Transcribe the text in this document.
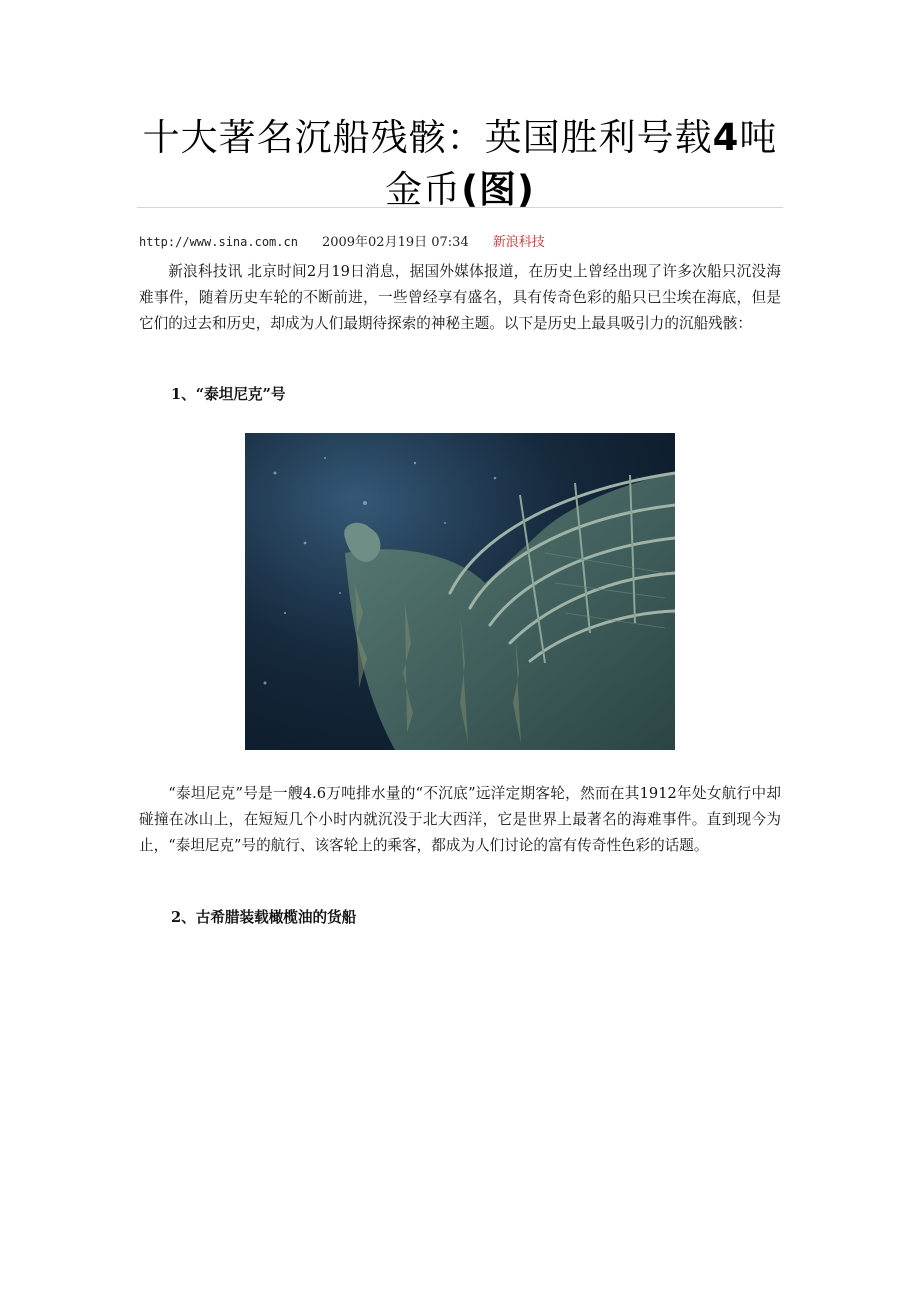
十大著名沉船残骸：英国胜利号载4吨
金币(图)
http://www.sina.com.cn 2009年02月19日 07:34 新浪科技

新浪科技讯 北京时间2月19日消息，据国外媒体报道，在历史上曾经出现了许多次船只沉没海难事件，随着历史车轮的不断前进，一些曾经享有盛名，具有传奇色彩的船只已尘埃在海底，但是它们的过去和历史，却成为人们最期待探索的神秘主题。以下是历史上最具吸引力的沉船残骸：

1、“泰坦尼克”号

“泰坦尼克”号是一艘4.6万吨排水量的“不沉底”远洋定期客轮，然而在其1912年处女航行中却碰撞在冰山上，在短短几个小时内就沉没于北大西洋，它是世界上最著名的海难事件。直到现今为止，“泰坦尼克”号的航行、该客轮上的乘客，都成为人们讨论的富有传奇性色彩的话题。

2、古希腊装载橄榄油的货船
